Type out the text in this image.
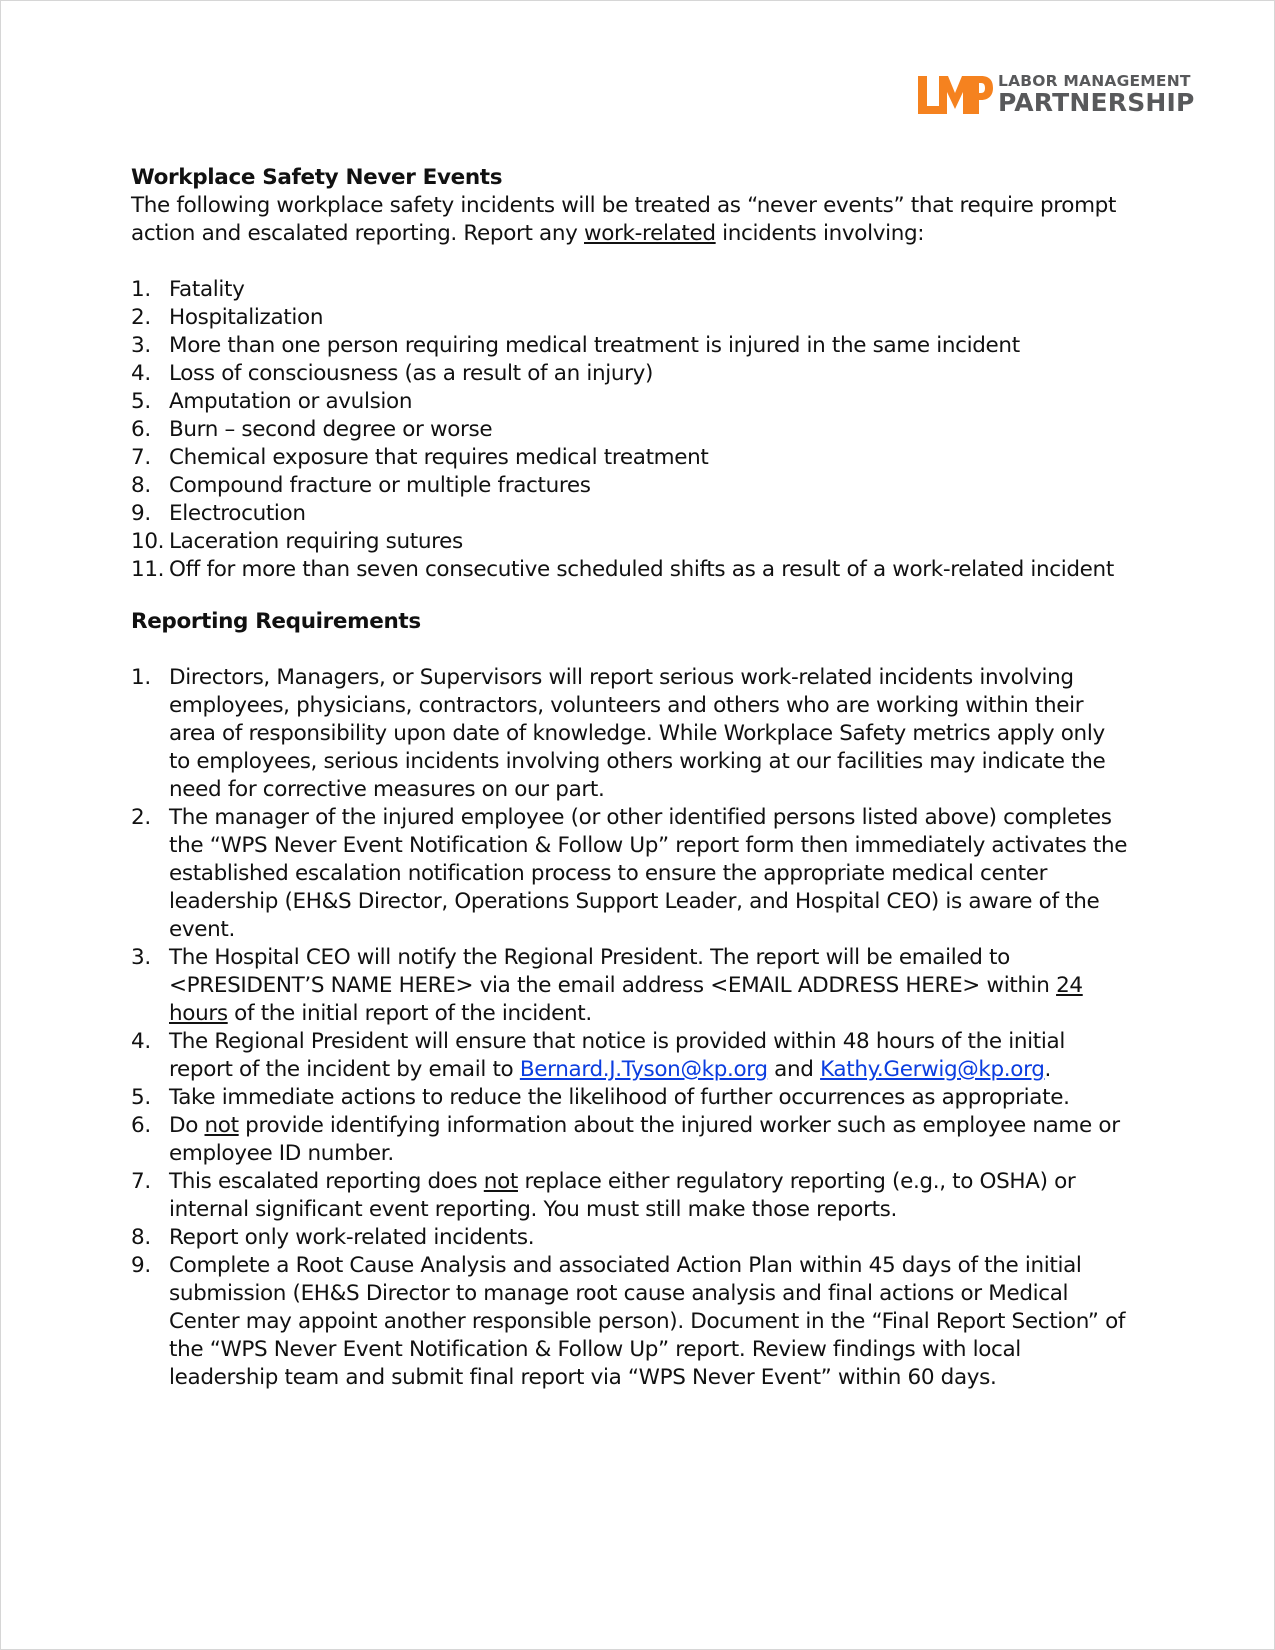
LABOR MANAGEMENT
PARTNERSHIP

Workplace Safety Never Events

The following workplace safety incidents will be treated as “never events” that require prompt action and escalated reporting. Report any work-related incidents involving:

1. Fatality
2. Hospitalization
3. More than one person requiring medical treatment is injured in the same incident
4. Loss of consciousness (as a result of an injury)
5. Amputation or avulsion
6. Burn – second degree or worse
7. Chemical exposure that requires medical treatment
8. Compound fracture or multiple fractures
9. Electrocution
10. Laceration requiring sutures
11. Off for more than seven consecutive scheduled shifts as a result of a work-related incident

Reporting Requirements

1. Directors, Managers, or Supervisors will report serious work-related incidents involving employees, physicians, contractors, volunteers and others who are working within their area of responsibility upon date of knowledge. While Workplace Safety metrics apply only to employees, serious incidents involving others working at our facilities may indicate the need for corrective measures on our part.
2. The manager of the injured employee (or other identified persons listed above) completes the “WPS Never Event Notification & Follow Up” report form then immediately activates the established escalation notification process to ensure the appropriate medical center leadership (EH&S Director, Operations Support Leader, and Hospital CEO) is aware of the event.
3. The Hospital CEO will notify the Regional President. The report will be emailed to <PRESIDENT’S NAME HERE> via the email address <EMAIL ADDRESS HERE> within 24 hours of the initial report of the incident.
4. The Regional President will ensure that notice is provided within 48 hours of the initial report of the incident by email to Bernard.J.Tyson@kp.org and Kathy.Gerwig@kp.org.
5. Take immediate actions to reduce the likelihood of further occurrences as appropriate.
6. Do not provide identifying information about the injured worker such as employee name or employee ID number.
7. This escalated reporting does not replace either regulatory reporting (e.g., to OSHA) or internal significant event reporting. You must still make those reports.
8. Report only work-related incidents.
9. Complete a Root Cause Analysis and associated Action Plan within 45 days of the initial submission (EH&S Director to manage root cause analysis and final actions or Medical Center may appoint another responsible person). Document in the “Final Report Section” of the “WPS Never Event Notification & Follow Up” report. Review findings with local leadership team and submit final report via “WPS Never Event” within 60 days.
